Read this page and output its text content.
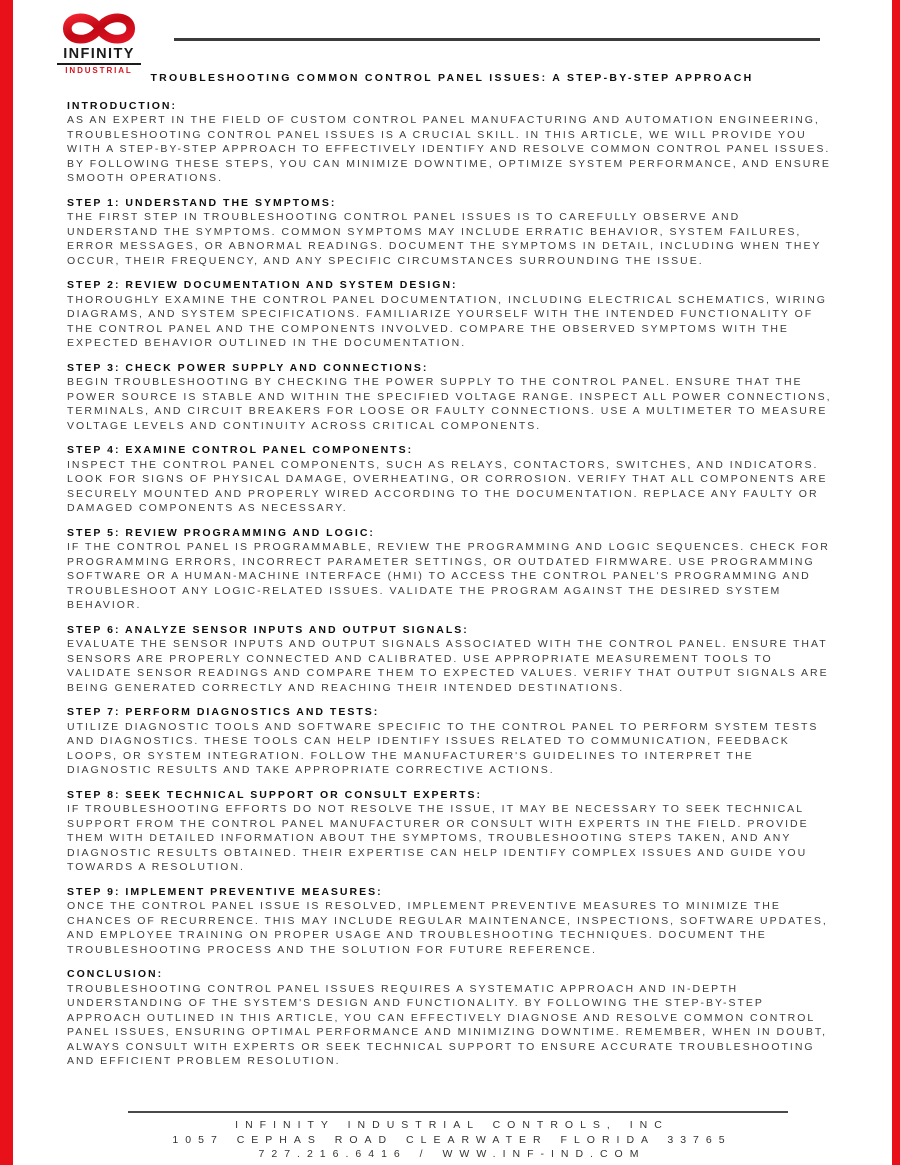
INFINITY
INDUSTRIAL
TROUBLESHOOTING COMMON CONTROL PANEL ISSUES: A STEP-BY-STEP APPROACH
INTRODUCTION:

AS AN EXPERT IN THE FIELD OF CUSTOM CONTROL PANEL MANUFACTURING AND AUTOMATION ENGINEERING, TROUBLESHOOTING CONTROL PANEL ISSUES IS A CRUCIAL SKILL. IN THIS ARTICLE, WE WILL PROVIDE YOU WITH A STEP-BY-STEP APPROACH TO EFFECTIVELY IDENTIFY AND RESOLVE COMMON CONTROL PANEL ISSUES. BY FOLLOWING THESE STEPS, YOU CAN MINIMIZE DOWNTIME, OPTIMIZE SYSTEM PERFORMANCE, AND ENSURE SMOOTH OPERATIONS.

STEP 1: UNDERSTAND THE SYMPTOMS:

THE FIRST STEP IN TROUBLESHOOTING CONTROL PANEL ISSUES IS TO CAREFULLY OBSERVE AND UNDERSTAND THE SYMPTOMS. COMMON SYMPTOMS MAY INCLUDE ERRATIC BEHAVIOR, SYSTEM FAILURES, ERROR MESSAGES, OR ABNORMAL READINGS. DOCUMENT THE SYMPTOMS IN DETAIL, INCLUDING WHEN THEY OCCUR, THEIR FREQUENCY, AND ANY SPECIFIC CIRCUMSTANCES SURROUNDING THE ISSUE.

STEP 2: REVIEW DOCUMENTATION AND SYSTEM DESIGN:

THOROUGHLY EXAMINE THE CONTROL PANEL DOCUMENTATION, INCLUDING ELECTRICAL SCHEMATICS, WIRING DIAGRAMS, AND SYSTEM SPECIFICATIONS. FAMILIARIZE YOURSELF WITH THE INTENDED FUNCTIONALITY OF THE CONTROL PANEL AND THE COMPONENTS INVOLVED. COMPARE THE OBSERVED SYMPTOMS WITH THE EXPECTED BEHAVIOR OUTLINED IN THE DOCUMENTATION.

STEP 3: CHECK POWER SUPPLY AND CONNECTIONS:

BEGIN TROUBLESHOOTING BY CHECKING THE POWER SUPPLY TO THE CONTROL PANEL. ENSURE THAT THE POWER SOURCE IS STABLE AND WITHIN THE SPECIFIED VOLTAGE RANGE. INSPECT ALL POWER CONNECTIONS, TERMINALS, AND CIRCUIT BREAKERS FOR LOOSE OR FAULTY CONNECTIONS. USE A MULTIMETER TO MEASURE VOLTAGE LEVELS AND CONTINUITY ACROSS CRITICAL COMPONENTS.

STEP 4: EXAMINE CONTROL PANEL COMPONENTS:

INSPECT THE CONTROL PANEL COMPONENTS, SUCH AS RELAYS, CONTACTORS, SWITCHES, AND INDICATORS. LOOK FOR SIGNS OF PHYSICAL DAMAGE, OVERHEATING, OR CORROSION. VERIFY THAT ALL COMPONENTS ARE SECURELY MOUNTED AND PROPERLY WIRED ACCORDING TO THE DOCUMENTATION. REPLACE ANY FAULTY OR DAMAGED COMPONENTS AS NECESSARY.

STEP 5: REVIEW PROGRAMMING AND LOGIC:

IF THE CONTROL PANEL IS PROGRAMMABLE, REVIEW THE PROGRAMMING AND LOGIC SEQUENCES. CHECK FOR PROGRAMMING ERRORS, INCORRECT PARAMETER SETTINGS, OR OUTDATED FIRMWARE. USE PROGRAMMING SOFTWARE OR A HUMAN-MACHINE INTERFACE (HMI) TO ACCESS THE CONTROL PANEL'S PROGRAMMING AND TROUBLESHOOT ANY LOGIC-RELATED ISSUES. VALIDATE THE PROGRAM AGAINST THE DESIRED SYSTEM BEHAVIOR.

STEP 6: ANALYZE SENSOR INPUTS AND OUTPUT SIGNALS:

EVALUATE THE SENSOR INPUTS AND OUTPUT SIGNALS ASSOCIATED WITH THE CONTROL PANEL. ENSURE THAT SENSORS ARE PROPERLY CONNECTED AND CALIBRATED. USE APPROPRIATE MEASUREMENT TOOLS TO VALIDATE SENSOR READINGS AND COMPARE THEM TO EXPECTED VALUES. VERIFY THAT OUTPUT SIGNALS ARE BEING GENERATED CORRECTLY AND REACHING THEIR INTENDED DESTINATIONS.

STEP 7: PERFORM DIAGNOSTICS AND TESTS:

UTILIZE DIAGNOSTIC TOOLS AND SOFTWARE SPECIFIC TO THE CONTROL PANEL TO PERFORM SYSTEM TESTS AND DIAGNOSTICS. THESE TOOLS CAN HELP IDENTIFY ISSUES RELATED TO COMMUNICATION, FEEDBACK LOOPS, OR SYSTEM INTEGRATION. FOLLOW THE MANUFACTURER'S GUIDELINES TO INTERPRET THE DIAGNOSTIC RESULTS AND TAKE APPROPRIATE CORRECTIVE ACTIONS.

STEP 8: SEEK TECHNICAL SUPPORT OR CONSULT EXPERTS:

IF TROUBLESHOOTING EFFORTS DO NOT RESOLVE THE ISSUE, IT MAY BE NECESSARY TO SEEK TECHNICAL SUPPORT FROM THE CONTROL PANEL MANUFACTURER OR CONSULT WITH EXPERTS IN THE FIELD. PROVIDE THEM WITH DETAILED INFORMATION ABOUT THE SYMPTOMS, TROUBLESHOOTING STEPS TAKEN, AND ANY DIAGNOSTIC RESULTS OBTAINED. THEIR EXPERTISE CAN HELP IDENTIFY COMPLEX ISSUES AND GUIDE YOU TOWARDS A RESOLUTION.

STEP 9: IMPLEMENT PREVENTIVE MEASURES:

ONCE THE CONTROL PANEL ISSUE IS RESOLVED, IMPLEMENT PREVENTIVE MEASURES TO MINIMIZE THE CHANCES OF RECURRENCE. THIS MAY INCLUDE REGULAR MAINTENANCE, INSPECTIONS, SOFTWARE UPDATES, AND EMPLOYEE TRAINING ON PROPER USAGE AND TROUBLESHOOTING TECHNIQUES. DOCUMENT THE TROUBLESHOOTING PROCESS AND THE SOLUTION FOR FUTURE REFERENCE.

CONCLUSION:

TROUBLESHOOTING CONTROL PANEL ISSUES REQUIRES A SYSTEMATIC APPROACH AND IN-DEPTH UNDERSTANDING OF THE SYSTEM'S DESIGN AND FUNCTIONALITY. BY FOLLOWING THE STEP-BY-STEP APPROACH OUTLINED IN THIS ARTICLE, YOU CAN EFFECTIVELY DIAGNOSE AND RESOLVE COMMON CONTROL PANEL ISSUES, ENSURING OPTIMAL PERFORMANCE AND MINIMIZING DOWNTIME. REMEMBER, WHEN IN DOUBT, ALWAYS CONSULT WITH EXPERTS OR SEEK TECHNICAL SUPPORT TO ENSURE ACCURATE TROUBLESHOOTING AND EFFICIENT PROBLEM RESOLUTION.

INFINITY INDUSTRIAL CONTROLS, INC
1057 CEPHAS ROAD CLEARWATER FLORIDA 33765
727.216.6416 / WWW.INF-IND.COM
